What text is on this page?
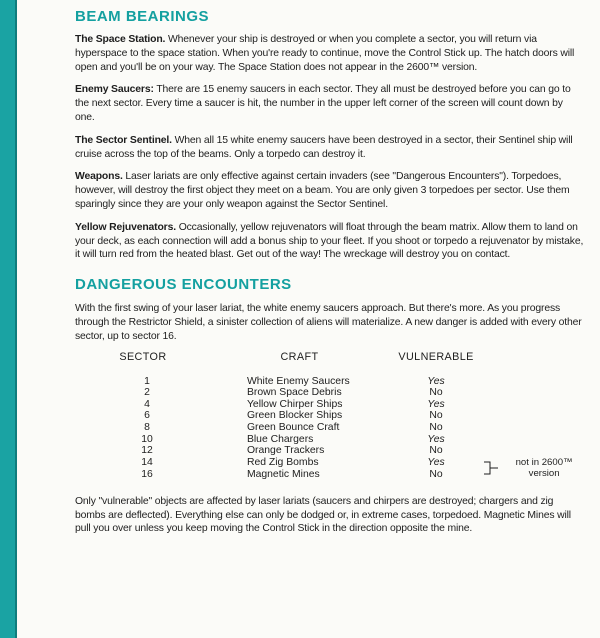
BEAM BEARINGS

The Space Station. Whenever your ship is destroyed or when you complete a sector, you will return via hyperspace to the space station. When you're ready to continue, move the Control Stick up. The hatch doors will open and you'll be on your way. The Space Station does not appear in the 2600™ version.

Enemy Saucers: There are 15 enemy saucers in each sector. They all must be destroyed before you can go to the next sector. Every time a saucer is hit, the number in the upper left corner of the screen will count down by one.

The Sector Sentinel. When all 15 white enemy saucers have been destroyed in a sector, their Sentinel ship will cruise across the top of the beams. Only a torpedo can destroy it.

Weapons. Laser lariats are only effective against certain invaders (see "Dangerous Encounters"). Torpedoes, however, will destroy the first object they meet on a beam. You are only given 3 torpedoes per sector. Use them sparingly since they are your only weapon against the Sector Sentinel.

Yellow Rejuvenators. Occasionally, yellow rejuvenators will float through the beam matrix. Allow them to land on your deck, as each connection will add a bonus ship to your fleet. If you shoot or torpedo a rejuvenator by mistake, it will turn red from the heated blast. Get out of the way! The wreckage will destroy you on contact.

DANGEROUS ENCOUNTERS

With the first swing of your laser lariat, the white enemy saucers approach. But there's more. As you progress through the Restrictor Shield, a sinister collection of aliens will materialize. A new danger is added with every other sector, up to sector 16.

SECTOR	CRAFT	VULNERABLE	
1	White Enemy Saucers	Yes	
2	Brown Space Debris	No	
4	Yellow Chirper Ships	Yes	
6	Green Blocker Ships	No	
8	Green Bounce Craft	No	
10	Blue Chargers	Yes	
12	Orange Trackers	No	
14	Red Zig Bombs	Yes	not in 2600™ version

16	Magnetic Mines	No	

Only "vulnerable" objects are affected by laser lariats (saucers and chirpers are destroyed; chargers and zig bombs are deflected). Everything else can only be dodged or, in extreme cases, torpedoed. Magnetic Mines will pull you over unless you keep moving the Control Stick in the direction opposite the mine.
